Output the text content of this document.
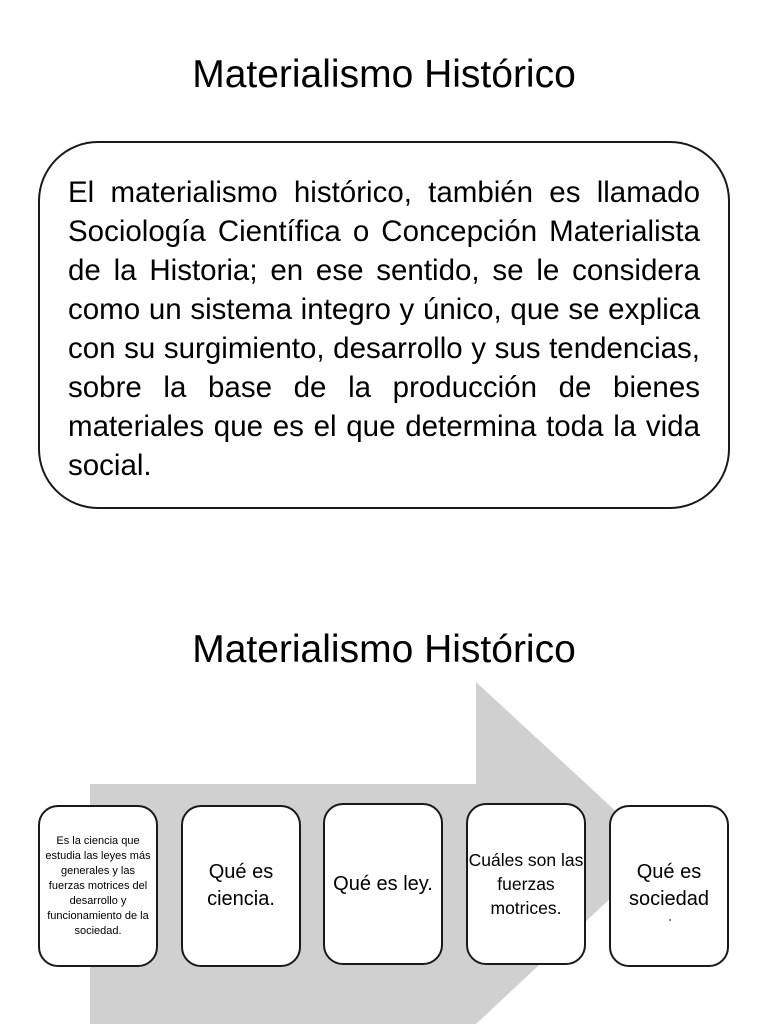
Materialismo Histórico

El materialismo histórico, también es llamado Sociología Científica o Concepción Materialista de la Historia; en ese sentido, se le considera como un sistema integro y único, que se explica con su surgimiento, desarrollo y sus tendencias, sobre la base de la producción de bienes materiales que es el que determina toda la vida social.

Materialismo Histórico

Es la ciencia que estudia las leyes más generales y las fuerzas motrices del desarrollo y funcionamiento de la sociedad.

Qué es ciencia.

Qué es ley.

Cuáles son las fuerzas motrices.

Qué es sociedad
